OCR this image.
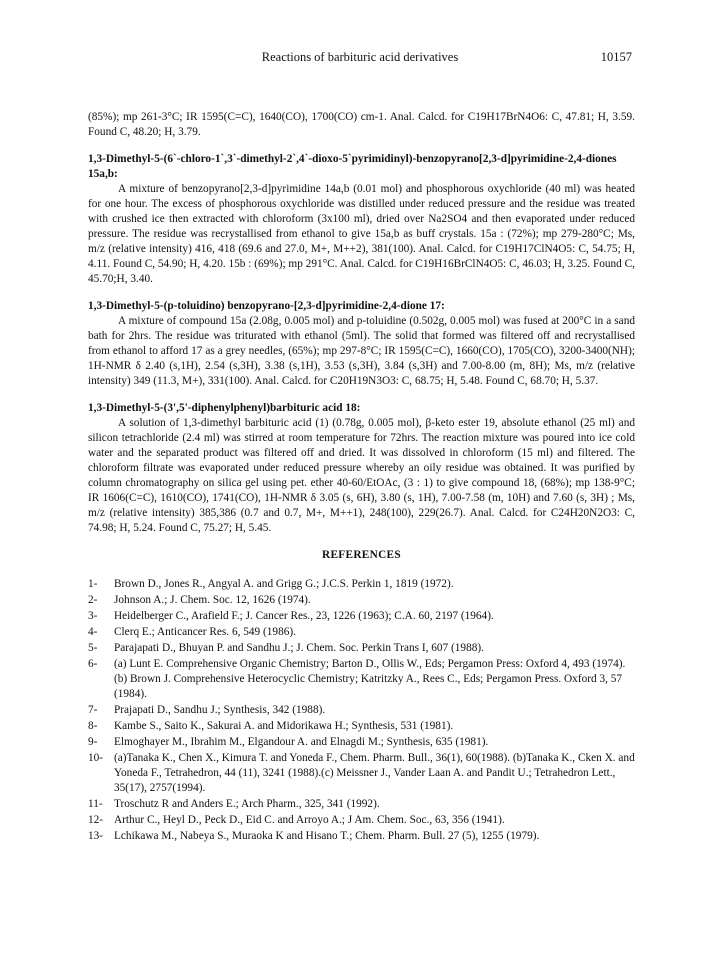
Reactions of barbituric acid derivatives	10157

(85%); mp 261-3°C; IR 1595(C=C), 1640(CO), 1700(CO) cm-1. Anal. Calcd. for C19H17BrN4O6: C, 47.81; H, 3.59. Found C, 48.20; H, 3.79.

1,3-Dimethyl-5-(6`-chloro-1`,3`-dimethyl-2`,4`-dioxo-5`pyrimidinyl)-benzopyrano[2,3-d]pyrimidine-2,4-diones 15a,b:

A mixture of benzopyrano[2,3-d]pyrimidine 14a,b (0.01 mol) and phosphorous oxychloride (40 ml) was heated for one hour. The excess of phosphorous oxychloride was distilled under reduced pressure and the residue was treated with crushed ice then extracted with chloroform (3x100 ml), dried over Na2SO4 and then evaporated under reduced pressure. The residue was recrystallised from ethanol to give 15a,b as buff crystals. 15a : (72%); mp 279-280°C; Ms, m/z (relative intensity) 416, 418 (69.6 and 27.0, M+, M++2), 381(100). Anal. Calcd. for C19H17ClN4O5: C, 54.75; H, 4.11. Found C, 54.90; H, 4.20. 15b : (69%); mp 291°C. Anal. Calcd. for C19H16BrClN4O5: C, 46.03; H, 3.25. Found C, 45.70;H, 3.40.

1,3-Dimethyl-5-(p-toluidino) benzopyrano-[2,3-d]pyrimidine-2,4-dione 17:

A mixture of compound 15a (2.08g, 0.005 mol) and p-toluidine (0.502g, 0.005 mol) was fused at 200°C in a sand bath for 2hrs. The residue was triturated with ethanol (5ml). The solid that formed was filtered off and recrystallised from ethanol to afford 17 as a grey needles, (65%); mp 297-8°C; IR 1595(C=C), 1660(CO), 1705(CO), 3200-3400(NH); 1H-NMR δ 2.40 (s,1H), 2.54 (s,3H), 3.38 (s,1H), 3.53 (s,3H), 3.84 (s,3H) and 7.00-8.00 (m, 8H); Ms, m/z (relative intensity) 349 (11.3, M+), 331(100). Anal. Calcd. for C20H19N3O3: C, 68.75; H, 5.48. Found C, 68.70; H, 5.37.

1,3-Dimethyl-5-(3',5'-diphenylphenyl)barbituric acid 18:

A solution of 1,3-dimethyl barbituric acid (1) (0.78g, 0.005 mol), β-keto ester 19, absolute ethanol (25 ml) and silicon tetrachloride (2.4 ml) was stirred at room temperature for 72hrs. The reaction mixture was poured into ice cold water and the separated product was filtered off and dried. It was dissolved in chloroform (15 ml) and filtered. The chloroform filtrate was evaporated under reduced pressure whereby an oily residue was obtained. It was purified by column chromatography on silica gel using pet. ether 40-60/EtOAc, (3 : 1) to give compound 18, (68%); mp 138-9°C; IR 1606(C=C), 1610(CO), 1741(CO), 1H-NMR δ 3.05 (s, 6H), 3.80 (s, 1H), 7.00-7.58 (m, 10H) and 7.60 (s, 3H) ; Ms, m/z (relative intensity) 385,386 (0.7 and 0.7, M+, M++1), 248(100), 229(26.7). Anal. Calcd. for C24H20N2O3: C, 74.98; H, 5.24. Found C, 75.27; H, 5.45.

REFERENCES
1- Brown D., Jones R., Angyal A. and Grigg G.; J.C.S. Perkin 1, 1819 (1972).
2- Johnson A.; J. Chem. Soc. 12, 1626 (1974).
3- Heidelberger C., Arafield F.; J. Cancer Res., 23, 1226 (1963); C.A. 60, 2197 (1964).
4- Clerq E.; Anticancer Res. 6, 549 (1986).
5- Parajapati D., Bhuyan P. and Sandhu J.; J. Chem. Soc. Perkin Trans I, 607 (1988).
6- (a) Lunt E. Comprehensive Organic Chemistry; Barton D., Ollis W., Eds; Pergamon Press: Oxford 4, 493 (1974). (b) Brown J. Comprehensive Heterocyclic Chemistry; Katritzky A., Rees C., Eds; Pergamon Press. Oxford 3, 57 (1984).
7- Prajapati D., Sandhu J.; Synthesis, 342 (1988).
8- Kambe S., Saito K., Sakurai A. and Midorikawa H.; Synthesis, 531 (1981).
9- Elmoghayer M., Ibrahim M., Elgandour A. and Elnagdi M.; Synthesis, 635 (1981).
10- (a)Tanaka K., Chen X., Kimura T. and Yoneda F., Chem. Pharm. Bull., 36(1), 60(1988). (b)Tanaka K., Cken X. and Yoneda F., Tetrahedron, 44 (11), 3241 (1988).(c) Meissner J., Vander Laan A. and Pandit U.; Tetrahedron Lett., 35(17), 2757(1994).
11- Troschutz R and Anders E.; Arch Pharm., 325, 341 (1992).
12- Arthur C., Heyl D., Peck D., Eid C. and Arroyo A.; J Am. Chem. Soc., 63, 356 (1941).
13- Lchikawa M., Nabeya S., Muraoka K and Hisano T.; Chem. Pharm. Bull. 27 (5), 1255 (1979).
